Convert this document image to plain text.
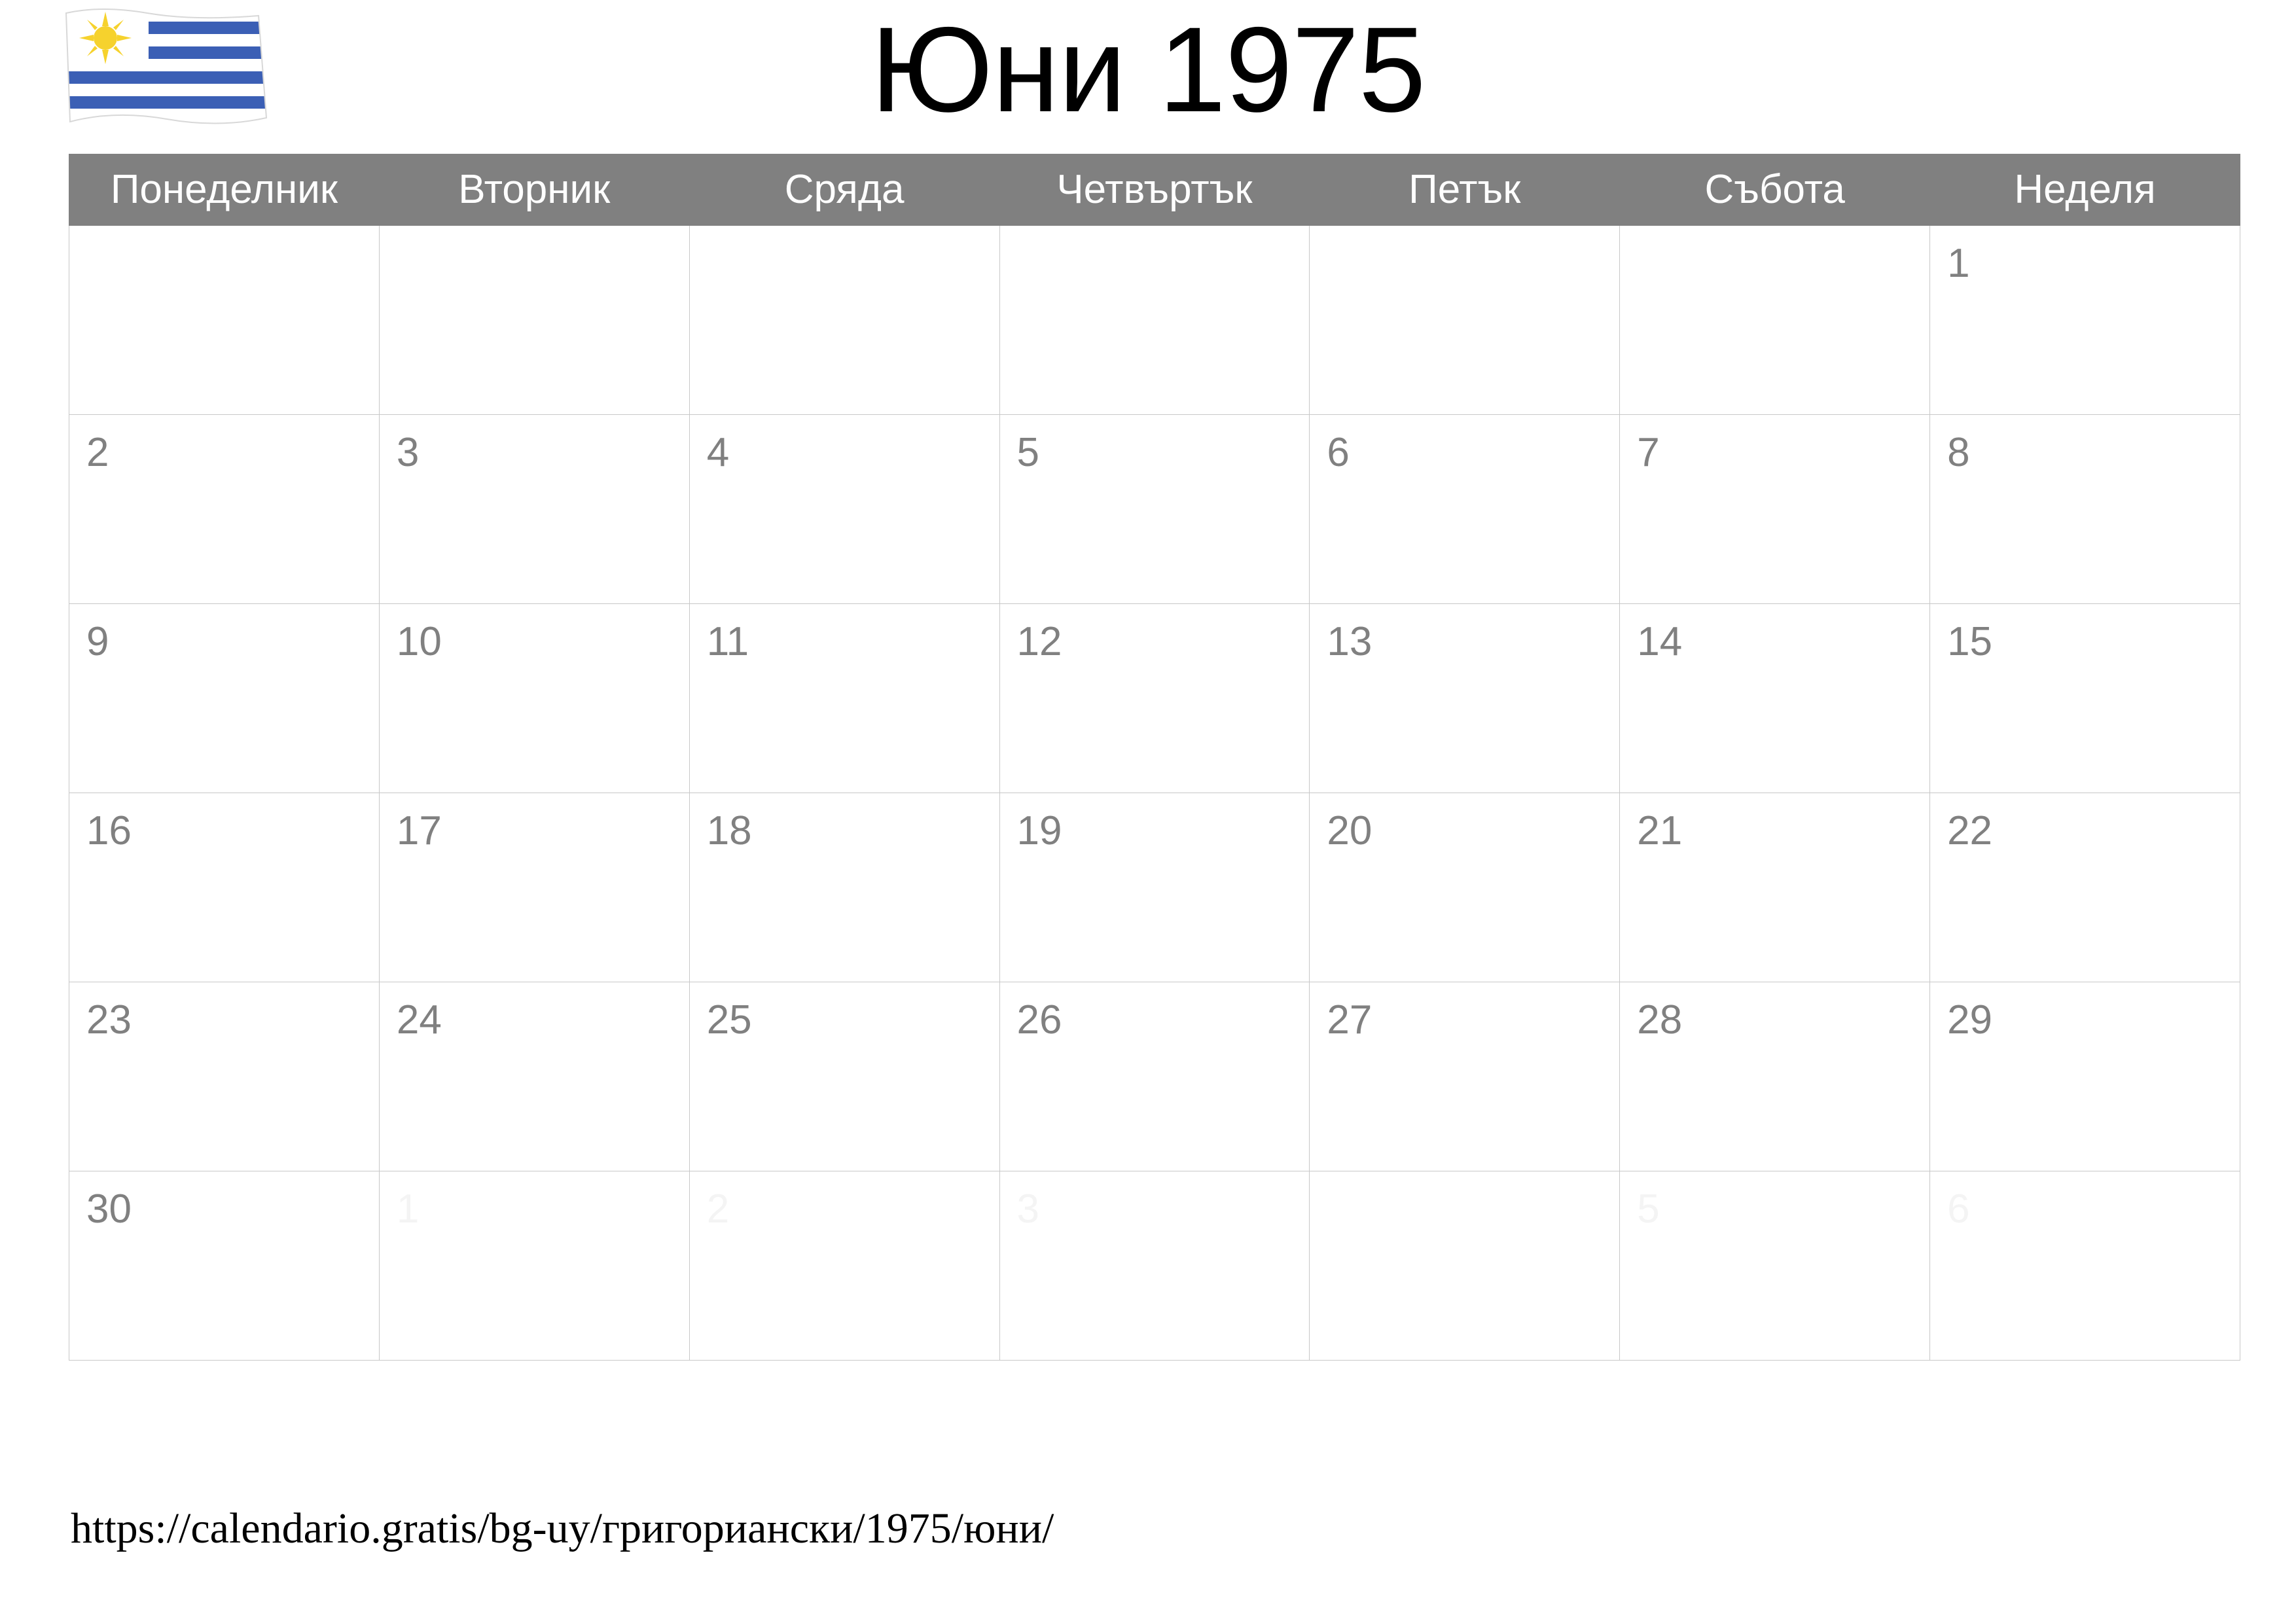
Юни 1975
Понеделник	Вторник	Сряда	Четвъртък	Петък	Събота	Неделя

						1

2	3	4	5	6	7	8

9	10	11	12	13	14	15

16	17	18	19	20	21	22

23	24	25	26	27	28	29

30	1	2	3		5	6
https://calendario.gratis/bg-uy/григориански/1975/юни/
